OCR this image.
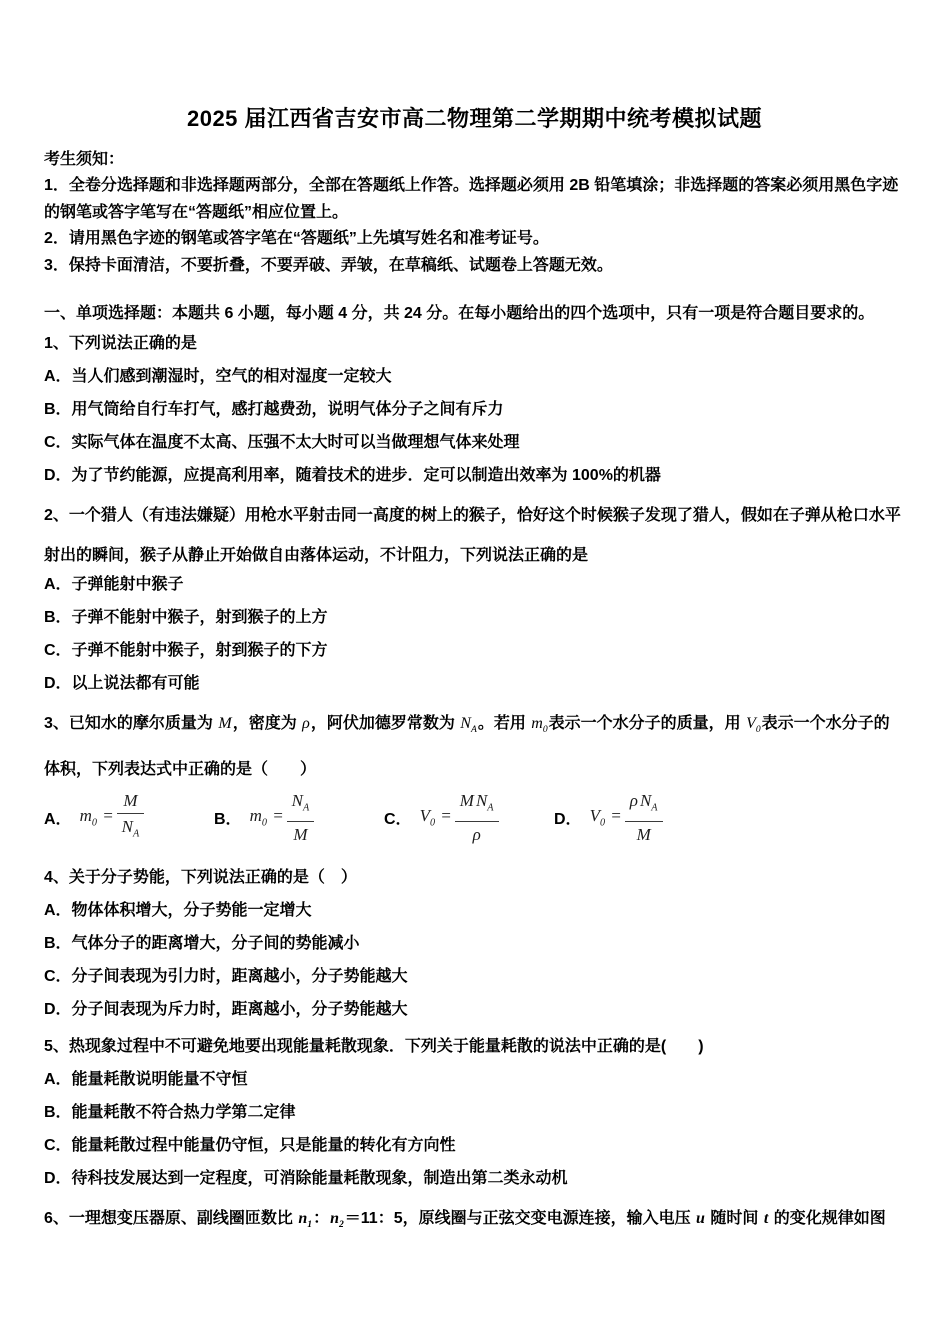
2025 届江西省吉安市高二物理第二学期期中统考模拟试题

考生须知：

1．全卷分选择题和非选择题两部分，全部在答题纸上作答。选择题必须用 2B 铅笔填涂；非选择题的答案必须用黑色字迹的钢笔或答字笔写在“答题纸”相应位置上。

2．请用黑色字迹的钢笔或答字笔在“答题纸”上先填写姓名和准考证号。

3．保持卡面清洁，不要折叠，不要弄破、弄皱，在草稿纸、试题卷上答题无效。

一、单项选择题：本题共 6 小题，每小题 4 分，共 24 分。在每小题给出的四个选项中，只有一项是符合题目要求的。

1、下列说法正确的是

A．当人们感到潮湿时，空气的相对湿度一定较大

B．用气筒给自行车打气，感打越费劲，说明气体分子之间有斥力

C．实际气体在温度不太高、压强不太大时可以当做理想气体来处理

D．为了节约能源，应提高利用率，随着技术的进步．定可以制造出效率为 100%的机器

2、一个猎人（有违法嫌疑）用枪水平射击同一高度的树上的猴子，恰好这个时候猴子发现了猎人，假如在子弹从枪口水平射出的瞬间，猴子从静止开始做自由落体运动，不计阻力，下列说法正确的是

A．子弹能射中猴子

B．子弹不能射中猴子，射到猴子的上方

C．子弹不能射中猴子，射到猴子的下方

D．以上说法都有可能

3、已知水的摩尔质量为 M，密度为 ρ，阿伏加德罗常数为 $N_A$。若用 $m_0$表示一个水分子的质量，用 $V_0$表示一个水分子的体积，下列表达式中正确的是（　　）

A． $m_0 = \frac{M}{N_A}$	B． $m_0 = \frac{N_A}{M}$	C． $V_0 = \frac{M N_A}{\rho}$	D． $V_0 = \frac{\rho N_A}{M}$

4、关于分子势能，下列说法正确的是（　）

A．物体体积增大，分子势能一定增大

B．气体分子的距离增大，分子间的势能减小

C．分子间表现为引力时，距离越小，分子势能越大

D．分子间表现为斥力时，距离越小，分子势能越大

5、热现象过程中不可避免地要出现能量耗散现象．下列关于能量耗散的说法中正确的是(　　)

A．能量耗散说明能量不守恒

B．能量耗散不符合热力学第二定律

C．能量耗散过程中能量仍守恒，只是能量的转化有方向性

D．待科技发展达到一定程度，可消除能量耗散现象，制造出第二类永动机

6、一理想变压器原、副线圈匝数比 $n_1$：$n_2=11$：5，原线圈与正弦交变电源连接，输入电压 u 随时间 t 的变化规律如图
